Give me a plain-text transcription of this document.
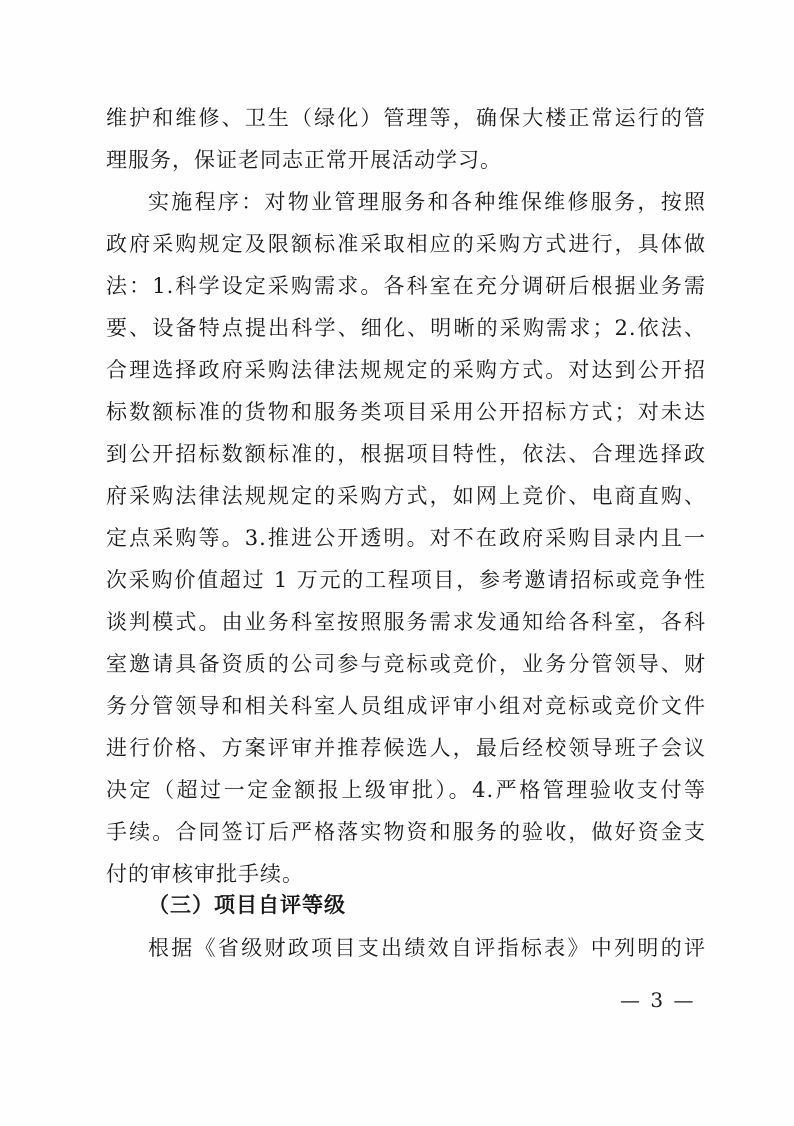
维护和维修、卫生（绿化）管理等，确保大楼正常运行的管
理服务，保证老同志正常开展活动学习。
实施程序：对物业管理服务和各种维保维修服务，按照
政府采购规定及限额标准采取相应的采购方式进行，具体做
法：1.科学设定采购需求。各科室在充分调研后根据业务需
要、设备特点提出科学、细化、明晰的采购需求；2.依法、
合理选择政府采购法律法规规定的采购方式。对达到公开招
标数额标准的货物和服务类项目采用公开招标方式；对未达
到公开招标数额标准的，根据项目特性，依法、合理选择政
府采购法律法规规定的采购方式，如网上竞价、电商直购、
定点采购等。3.推进公开透明。对不在政府采购目录内且一
次采购价值超过 1 万元的工程项目，参考邀请招标或竞争性
谈判模式。由业务科室按照服务需求发通知给各科室，各科
室邀请具备资质的公司参与竞标或竞价，业务分管领导、财
务分管领导和相关科室人员组成评审小组对竞标或竞价文件
进行价格、方案评审并推荐候选人，最后经校领导班子会议
决定（超过一定金额报上级审批）。4.严格管理验收支付等
手续。合同签订后严格落实物资和服务的验收，做好资金支
（三）项目自评等级
根据《省级财政项目支出绩效自评指标表》中列明的评
— 3 —
付的审核审批手续。
